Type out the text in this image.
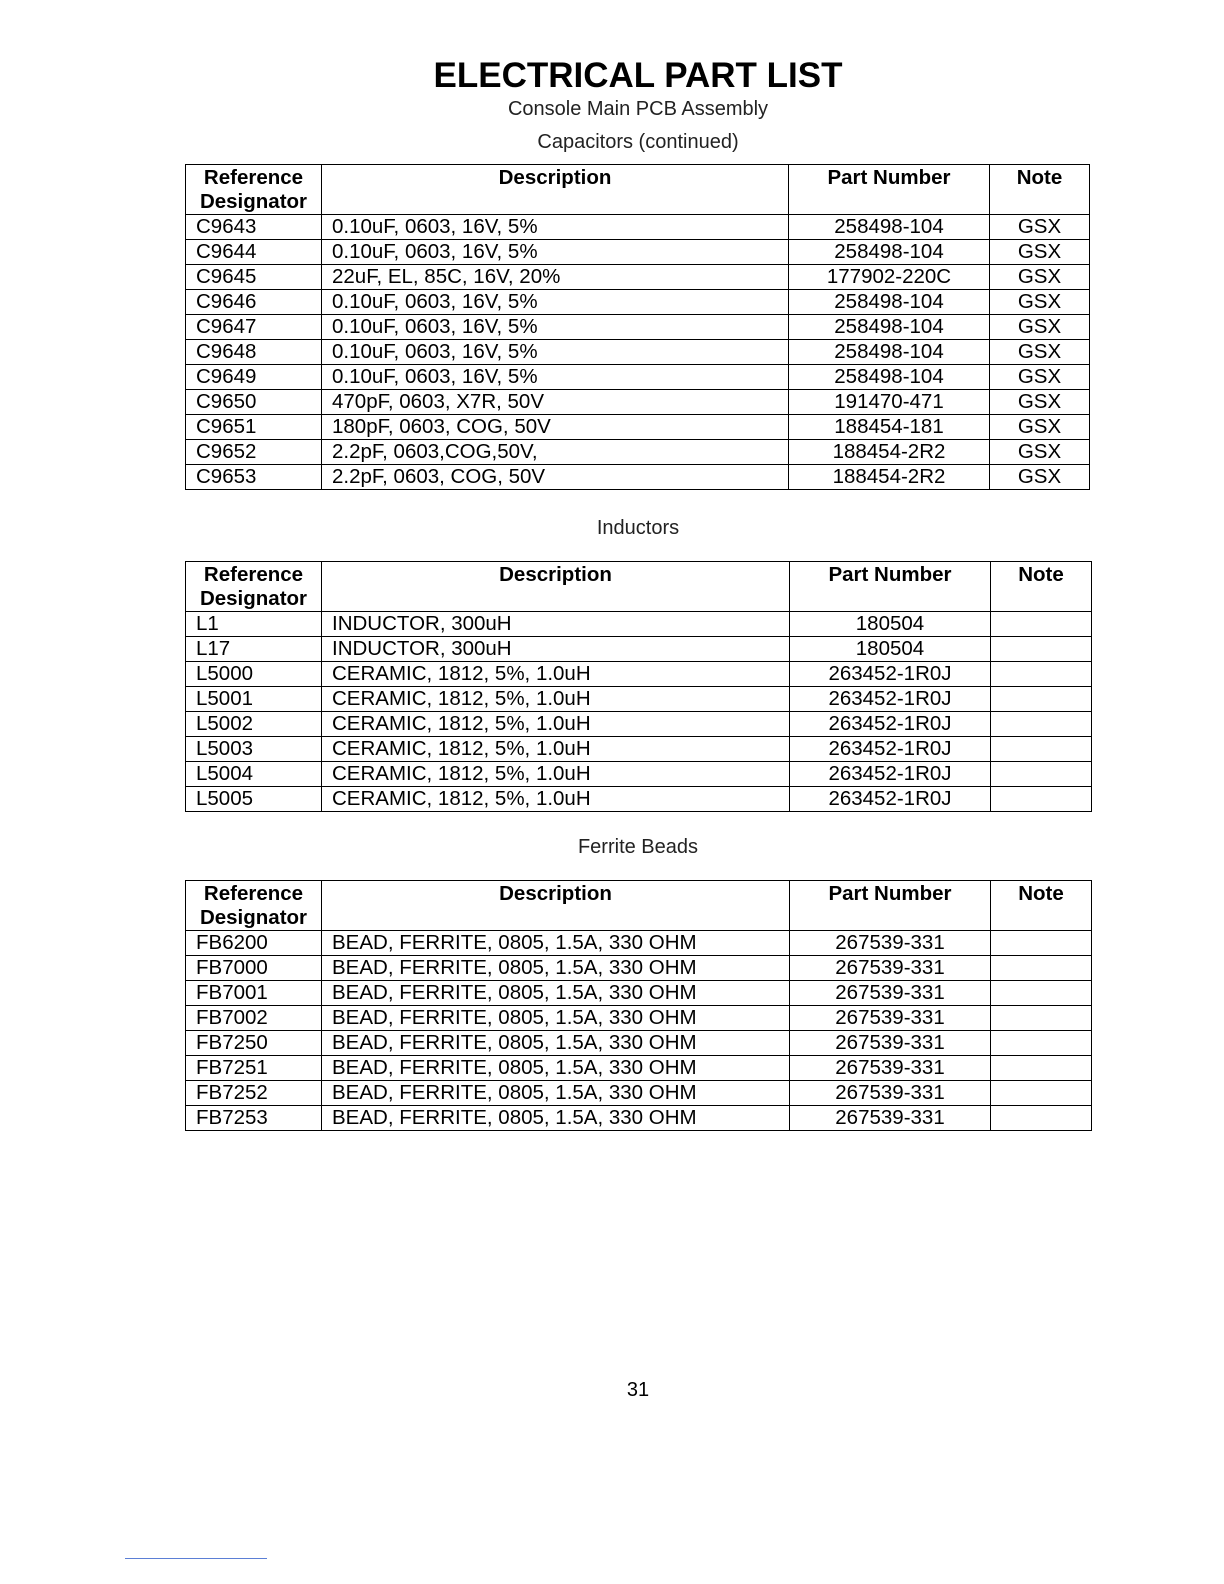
ELECTRICAL PART LIST
Console Main PCB Assembly
Capacitors (continued)
Reference Designator	Description	Part Number	Note
C9643	0.10uF, 0603, 16V, 5%	258498-104	GSX
C9644	0.10uF, 0603, 16V, 5%	258498-104	GSX
C9645	22uF, EL, 85C, 16V, 20%	177902-220C	GSX
C9646	0.10uF, 0603, 16V, 5%	258498-104	GSX
C9647	0.10uF, 0603, 16V, 5%	258498-104	GSX
C9648	0.10uF, 0603, 16V, 5%	258498-104	GSX
C9649	0.10uF, 0603, 16V, 5%	258498-104	GSX
C9650	470pF, 0603, X7R, 50V	191470-471	GSX
C9651	180pF, 0603, COG, 50V	188454-181	GSX
C9652	2.2pF, 0603,COG,50V,	188454-2R2	GSX
C9653	2.2pF, 0603, COG, 50V	188454-2R2	GSX
Inductors
Reference Designator	Description	Part Number	Note
L1	INDUCTOR, 300uH	180504	
L17	INDUCTOR, 300uH	180504	
L5000	CERAMIC, 1812, 5%, 1.0uH	263452-1R0J	
L5001	CERAMIC, 1812, 5%, 1.0uH	263452-1R0J	
L5002	CERAMIC, 1812, 5%, 1.0uH	263452-1R0J	
L5003	CERAMIC, 1812, 5%, 1.0uH	263452-1R0J	
L5004	CERAMIC, 1812, 5%, 1.0uH	263452-1R0J	
L5005	CERAMIC, 1812, 5%, 1.0uH	263452-1R0J	
Ferrite Beads
Reference Designator	Description	Part Number	Note
FB6200	BEAD, FERRITE, 0805, 1.5A, 330 OHM	267539-331	
FB7000	BEAD, FERRITE, 0805, 1.5A, 330 OHM	267539-331	
FB7001	BEAD, FERRITE, 0805, 1.5A, 330 OHM	267539-331	
FB7002	BEAD, FERRITE, 0805, 1.5A, 330 OHM	267539-331	
FB7250	BEAD, FERRITE, 0805, 1.5A, 330 OHM	267539-331	
FB7251	BEAD, FERRITE, 0805, 1.5A, 330 OHM	267539-331	
FB7252	BEAD, FERRITE, 0805, 1.5A, 330 OHM	267539-331	
FB7253	BEAD, FERRITE, 0805, 1.5A, 330 OHM	267539-331	
31
